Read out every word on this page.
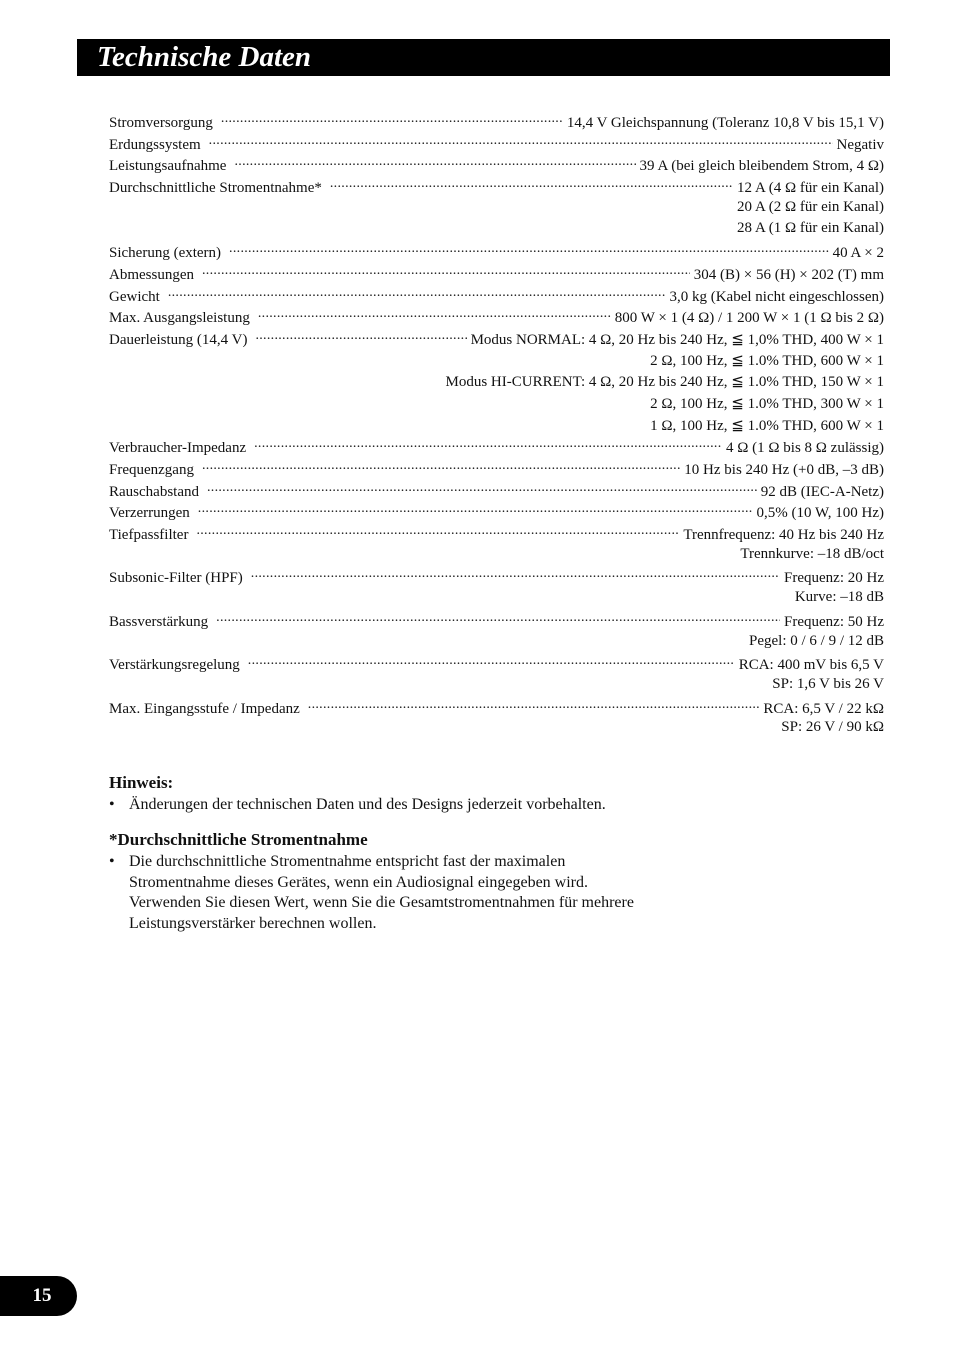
Technische Daten
Stromversorgung . . .	14,4 V Gleichspannung (Toleranz 10,8 V bis 15,1 V)
Erdungssystem . . .	Negativ
Leistungsaufnahme . . .	39 A (bei gleich bleibendem Strom, 4 Ω)
Durchschnittliche Stromentnahme* . . .	12 A (4 Ω für ein Kanal)
20 A (2 Ω für ein Kanal)
28 A (1 Ω für ein Kanal)
Sicherung (extern) . . .	40 A × 2
Abmessungen . . .	304 (B) × 56 (H) × 202 (T) mm
Gewicht . . .	3,0 kg (Kabel nicht eingeschlossen)
Max. Ausgangsleistung . . .	800 W × 1 (4 Ω) / 1 200 W × 1 (1 Ω bis 2 Ω)
Dauerleistung (14,4 V) . . .	Modus NORMAL: 4 Ω, 20 Hz bis 240 Hz, ≦ 1,0% THD, 400 W × 1
2 Ω, 100 Hz, ≦ 1.0% THD, 600 W × 1
Modus HI-CURRENT: 4 Ω, 20 Hz bis 240 Hz, ≦ 1.0% THD, 150 W × 1
2 Ω, 100 Hz, ≦ 1.0% THD, 300 W × 1
1 Ω, 100 Hz, ≦ 1.0% THD, 600 W × 1
Verbraucher-Impedanz . . .	4 Ω (1 Ω bis 8 Ω zulässig)
Frequenzgang . . .	10 Hz bis 240 Hz (+0 dB, –3 dB)
Rauschabstand . . .	92 dB (IEC-A-Netz)
Verzerrungen . . .	0,5% (10 W, 100 Hz)
Tiefpassfilter . . .	Trennfrequenz: 40 Hz bis 240 Hz
Trennkurve: –18 dB/oct
Subsonic-Filter (HPF) . . .	Frequenz: 20 Hz
Kurve: –18 dB
Bassverstärkung . . .	Frequenz: 50 Hz
Pegel: 0 / 6 / 9 / 12 dB
Verstärkungsregelung . . .	RCA: 400 mV bis 6,5 V
SP: 1,6 V bis 26 V
Max. Eingangsstufe / Impedanz . . .	RCA: 6,5 V / 22 kΩ
SP: 26 V / 90 kΩ
Hinweis:
• Änderungen der technischen Daten und des Designs jederzeit vorbehalten.
*Durchschnittliche Stromentnahme
• Die durchschnittliche Stromentnahme entspricht fast der maximalen
Stromentnahme dieses Gerätes, wenn ein Audiosignal eingegeben wird.
Verwenden Sie diesen Wert, wenn Sie die Gesamtstromentnahmen für mehrere
Leistungsverstärker berechnen wollen.
15
